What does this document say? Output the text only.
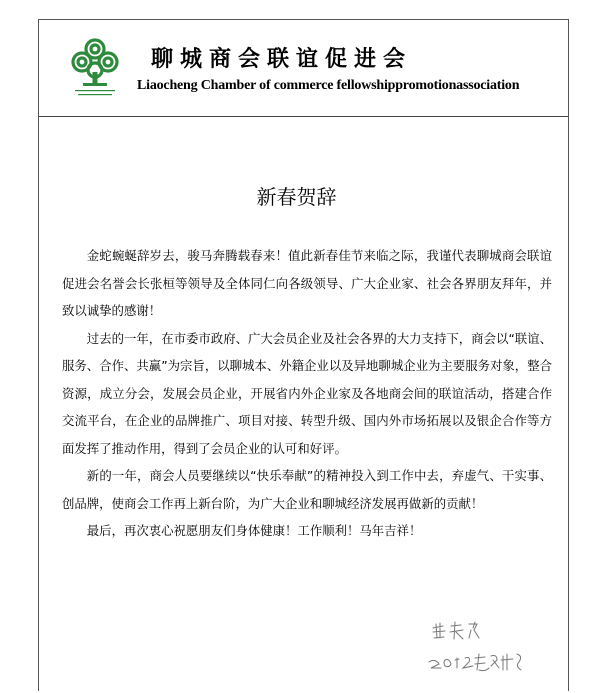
聊城商会联谊促进会
Liaocheng Chamber of commerce fellowshippromotionassociation
新春贺辞

金蛇蜿蜒辞岁去，骏马奔腾载春来！值此新春佳节来临之际，我谨代表聊城商会联谊促进会名誉会长张桓等领导及全体同仁向各级领导、广大企业家、社会各界朋友拜年，并致以诚挚的感谢！

过去的一年，在市委市政府、广大会员企业及社会各界的大力支持下，商会以“联谊、服务、合作、共赢”为宗旨，以聊城本、外籍企业以及异地聊城企业为主要服务对象，整合资源，成立分会，发展会员企业，开展省内外企业家及各地商会间的联谊活动，搭建合作交流平台，在企业的品牌推广、项目对接、转型升级、国内外市场拓展以及银企合作等方面发挥了推动作用，得到了会员企业的认可和好评。

新的一年，商会人员要继续以“快乐奉献”的精神投入到工作中去，弃虚气、干实事、创品牌，使商会工作再上新台阶，为广大企业和聊城经济发展再做新的贡献！

最后，再次衷心祝愿朋友们身体健康！工作顺利！马年吉祥！
